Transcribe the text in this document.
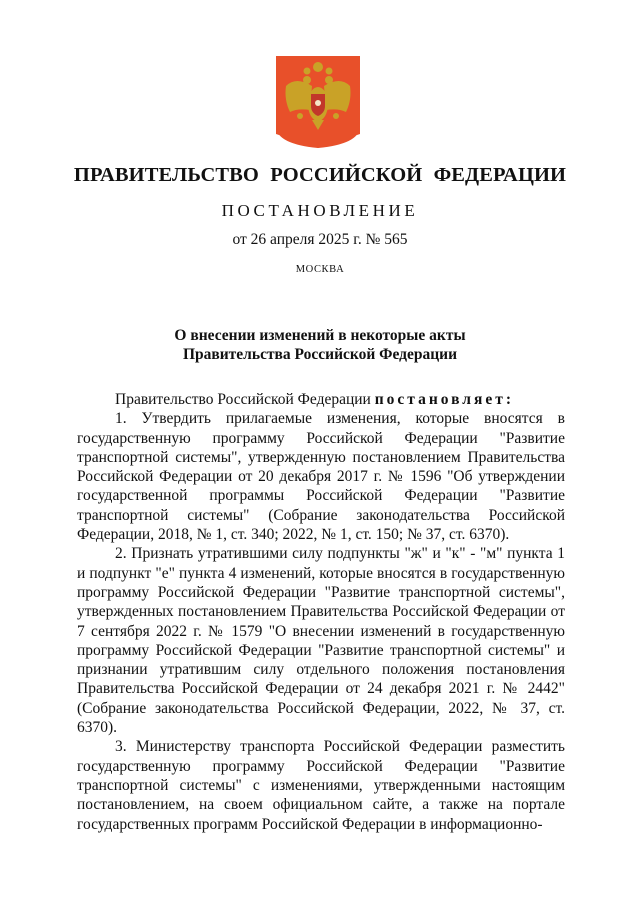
ПРАВИТЕЛЬСТВО РОССИЙСКОЙ ФЕДЕРАЦИИ
ПОСТАНОВЛЕНИЕ
от 26 апреля 2025 г. № 565
МОСКВА
О внесении изменений в некоторые акты
Правительства Российской Федерации

Правительство Российской Федерации постановляет:

1. Утвердить прилагаемые изменения, которые вносятся в государственную программу Российской Федерации "Развитие транспортной системы", утвержденную постановлением Правительства Российской Федерации от 20 декабря 2017 г. № 1596 "Об утверждении государственной программы Российской Федерации "Развитие транспортной системы" (Собрание законодательства Российской Федерации, 2018, № 1, ст. 340; 2022, № 1, ст. 150; № 37, ст. 6370).

2. Признать утратившими силу подпункты "ж" и "к" - "м" пункта 1 и подпункт "е" пункта 4 изменений, которые вносятся в государственную программу Российской Федерации "Развитие транспортной системы", утвержденных постановлением Правительства Российской Федерации от 7 сентября 2022 г. № 1579 "О внесении изменений в государственную программу Российской Федерации "Развитие транспортной системы" и признании утратившим силу отдельного положения постановления Правительства Российской Федерации от 24 декабря 2021 г. № 2442" (Собрание законодательства Российской Федерации, 2022, № 37, ст. 6370).

3. Министерству транспорта Российской Федерации разместить государственную программу Российской Федерации "Развитие транспортной системы" с изменениями, утвержденными настоящим постановлением, на своем официальном сайте, а также на портале государственных программ Российской Федерации в информационно-
